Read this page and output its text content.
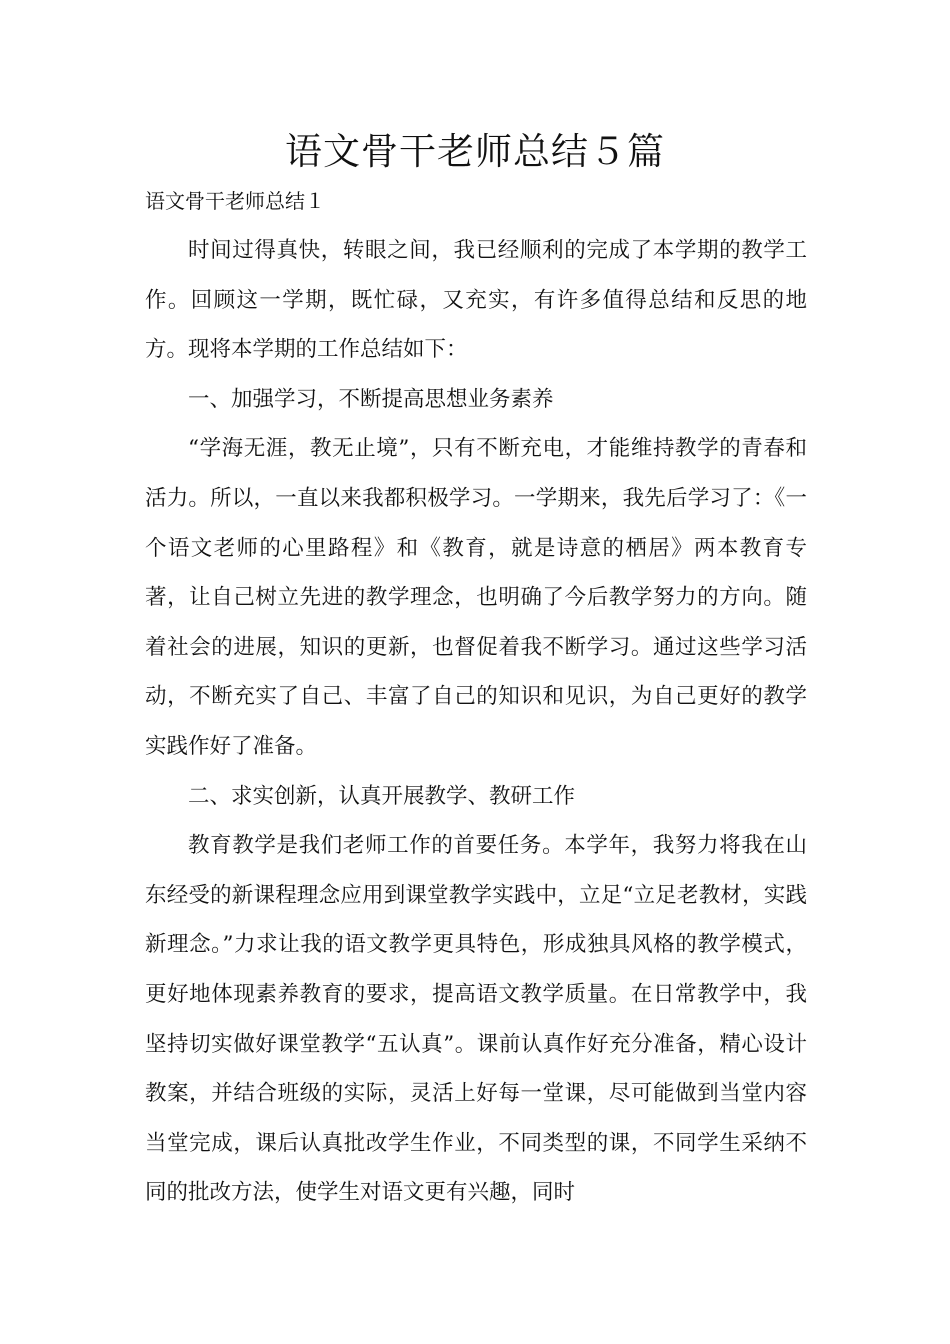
语文骨干老师总结５篇

语文骨干老师总结１

时间过得真快，转眼之间，我已经顺利的完成了本学期的教学工作。回顾这一学期，既忙碌，又充实，有许多值得总结和反思的地方。现将本学期的工作总结如下：

一、加强学习，不断提高思想业务素养

“学海无涯，教无止境”，只有不断充电，才能维持教学的青春和活力。所以，一直以来我都积极学习。一学期来，我先后学习了：《一个语文老师的心里路程》和《教育，就是诗意的栖居》两本教育专著，让自己树立先进的教学理念，也明确了今后教学努力的方向。随着社会的进展，知识的更新，也督促着我不断学习。通过这些学习活动，不断充实了自己、丰富了自己的知识和见识，为自己更好的教学实践作好了准备。

二、求实创新，认真开展教学、教研工作

教育教学是我们老师工作的首要任务。本学年，我努力将我在山东经受的新课程理念应用到课堂教学实践中，立足“立足老教材，实践新理念。”力求让我的语文教学更具特色，形成独具风格的教学模式，更好地体现素养教育的要求，提高语文教学质量。在日常教学中，我坚持切实做好课堂教学“五认真”。课前认真作好充分准备，精心设计教案，并结合班级的实际，灵活上好每一堂课，尽可能做到当堂内容当堂完成，课后认真批改学生作业，不同类型的课，不同学生采纳不同的批改方法，使学生对语文更有兴趣，同时
